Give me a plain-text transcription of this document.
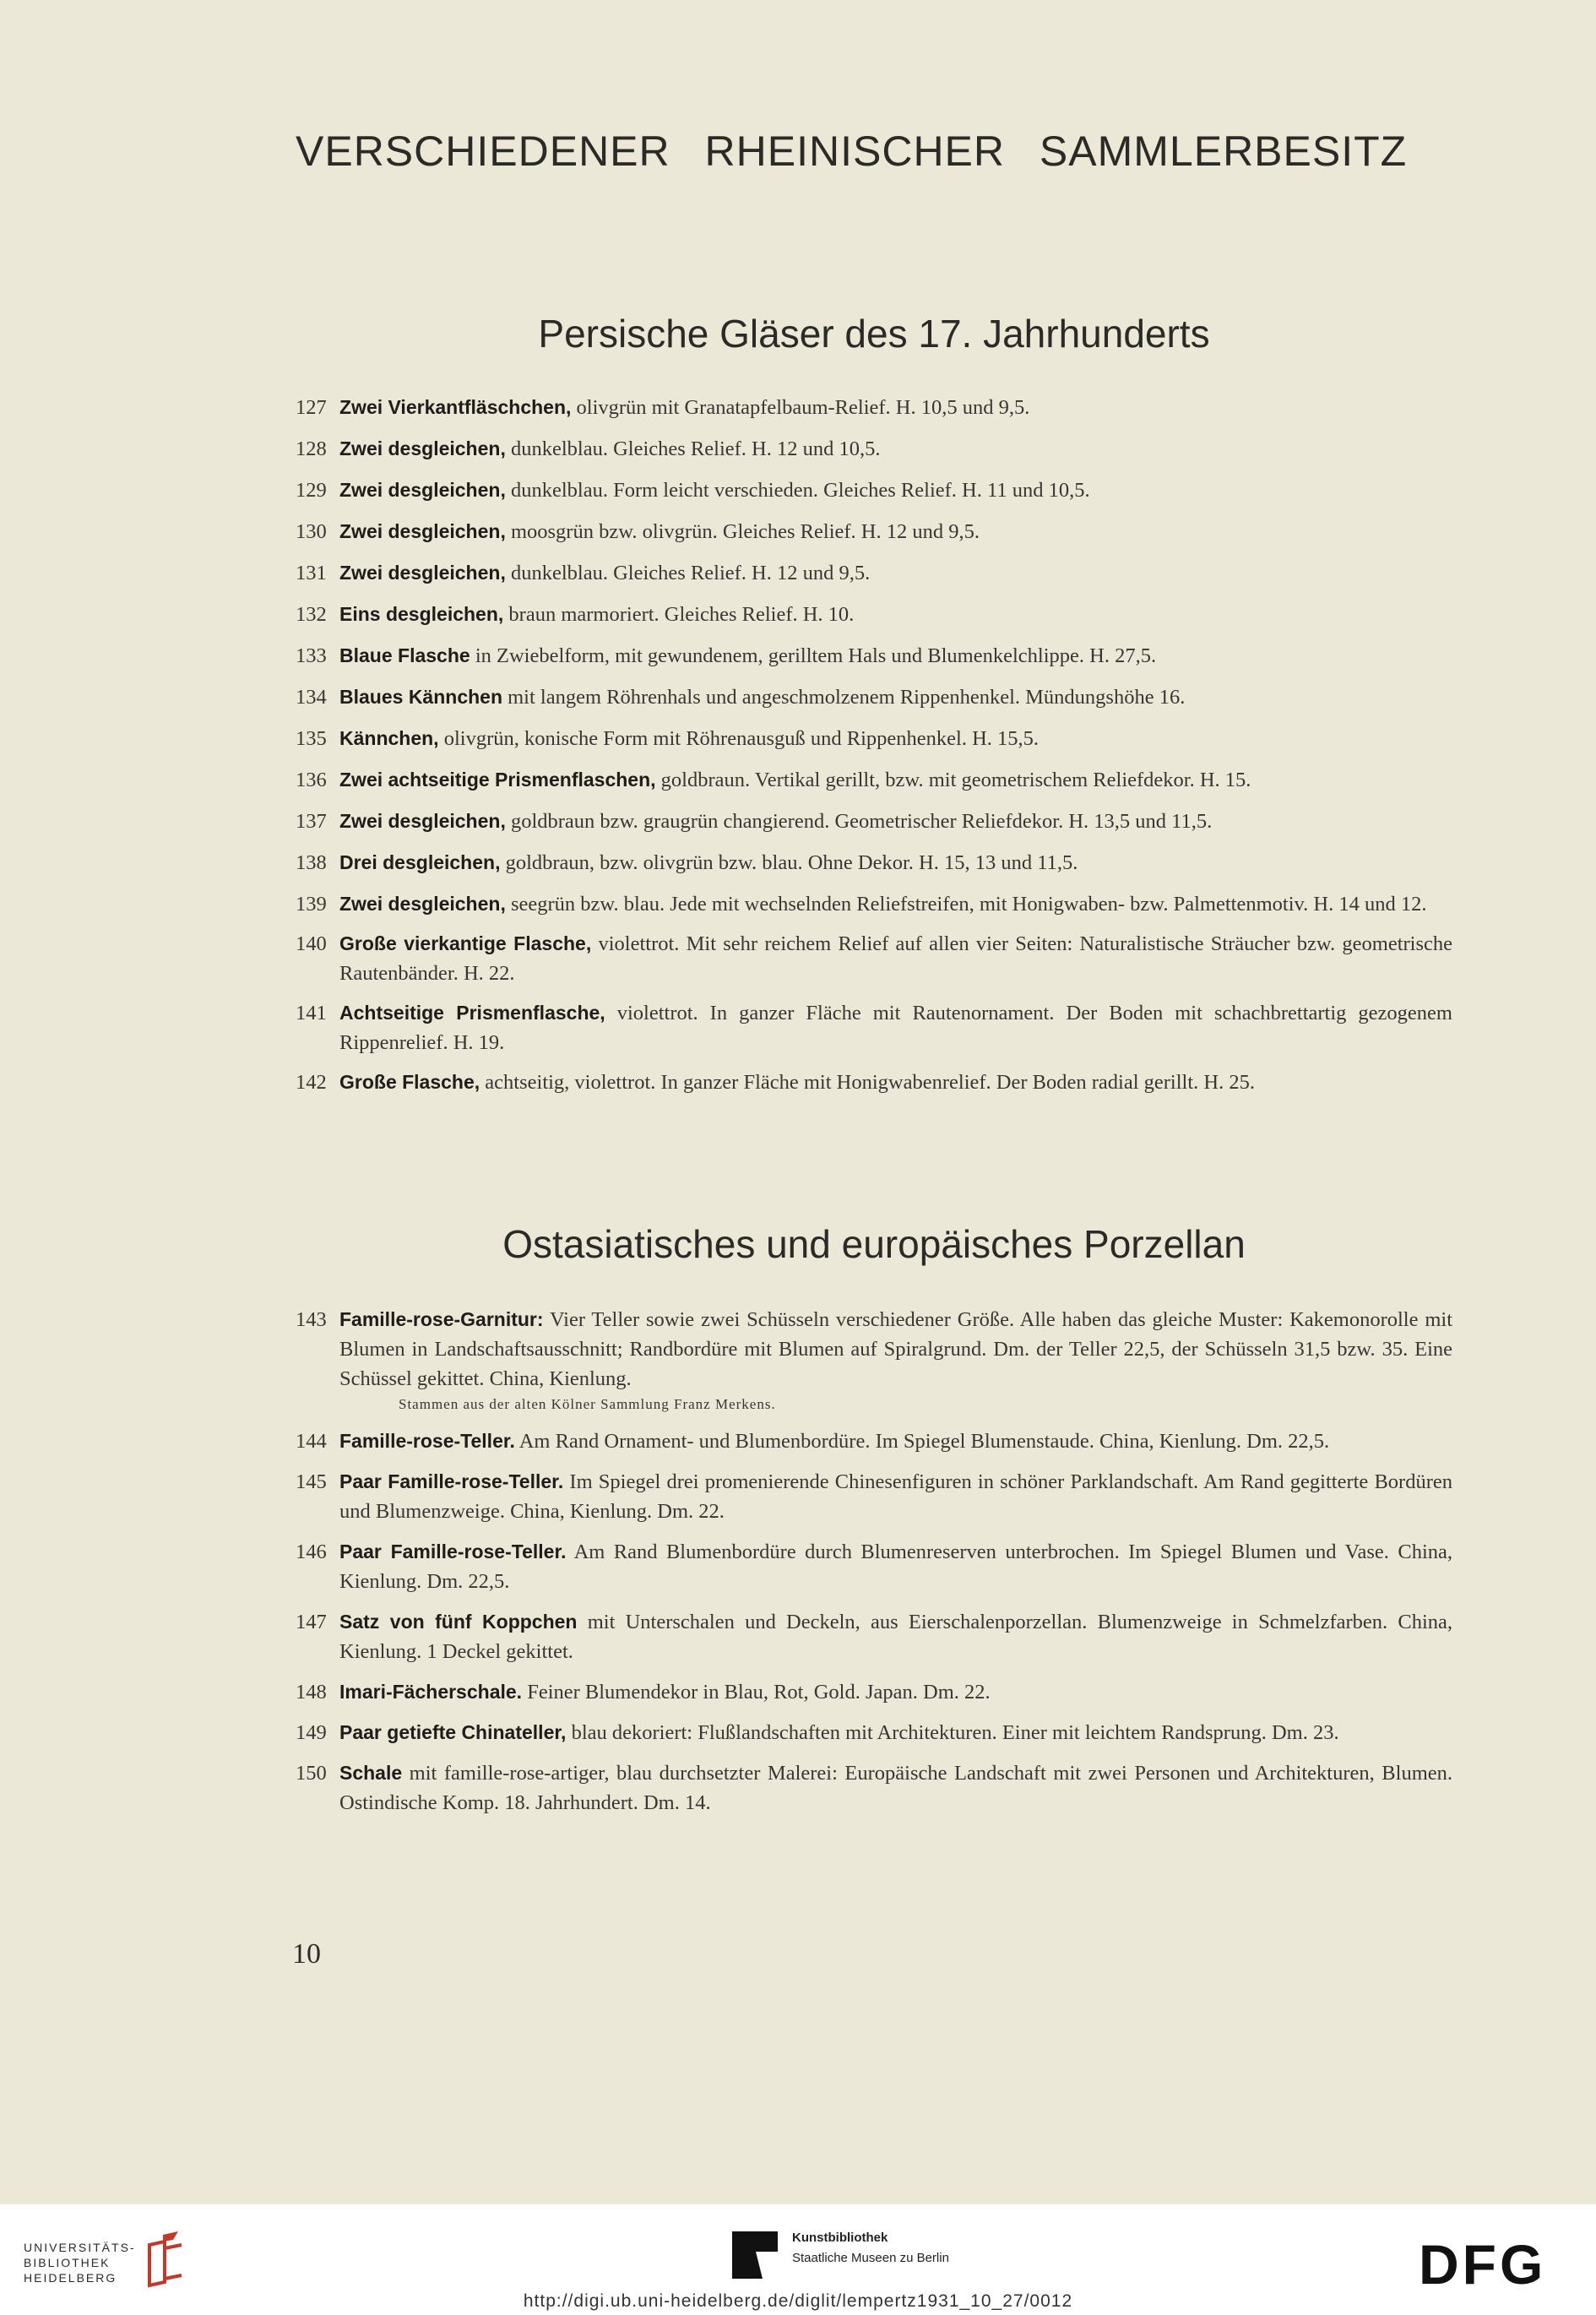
VERSCHIEDENER RHEINISCHER SAMMLERBESITZ
Persische Gläser des 17. Jahrhunderts
127 Zwei Vierkantfläschchen, olivgrün mit Granatapfelbaum-Relief. H. 10,5 und 9,5.
128 Zwei desgleichen, dunkelblau. Gleiches Relief. H. 12 und 10,5.
129 Zwei desgleichen, dunkelblau. Form leicht verschieden. Gleiches Relief. H. 11 und 10,5.
130 Zwei desgleichen, moosgrün bzw. olivgrün. Gleiches Relief. H. 12 und 9,5.
131 Zwei desgleichen, dunkelblau. Gleiches Relief. H. 12 und 9,5.
132 Eins desgleichen, braun marmoriert. Gleiches Relief. H. 10.
133 Blaue Flasche in Zwiebelform, mit gewundenem, gerilltem Hals und Blumenkelchlippe. H. 27,5.
134 Blaues Kännchen mit langem Röhrenhals und angeschmolzenem Rippenhenkel. Mündungshöhe 16.
135 Kännchen, olivgrün, konische Form mit Röhrenausguß und Rippenhenkel. H. 15,5.
136 Zwei achtseitige Prismenflaschen, goldbraun. Vertikal gerillt, bzw. mit geometrischem Reliefdekor. H. 15.
137 Zwei desgleichen, goldbraun bzw. graugrün changierend. Geometrischer Reliefdekor. H. 13,5 und 11,5.
138 Drei desgleichen, goldbraun, bzw. olivgrün bzw. blau. Ohne Dekor. H. 15, 13 und 11,5.
139 Zwei desgleichen, seegrün bzw. blau. Jede mit wechselnden Reliefstreifen, mit Honigwaben- bzw. Palmettenmotiv. H. 14 und 12.
140 Große vierkantige Flasche, violettrot. Mit sehr reichem Relief auf allen vier Seiten: Naturalistische Sträucher bzw. geometrische Rautenbänder. H. 22.
141 Achtseitige Prismenflasche, violettrot. In ganzer Fläche mit Rautenornament. Der Boden mit schachbrettartig gezogenem Rippenrelief. H. 19.
142 Große Flasche, achtseitig, violettrot. In ganzer Fläche mit Honigwabenrelief. Der Boden radial gerillt. H. 25.
Ostasiatisches und europäisches Porzellan
143 Famille-rose-Garnitur: Vier Teller sowie zwei Schüsseln verschiedener Größe. Alle haben das gleiche Muster: Kakemonorolle mit Blumen in Landschaftsausschnitt; Randbordüre mit Blumen auf Spiralgrund. Dm. der Teller 22,5, der Schüsseln 31,5 bzw. 35. Eine Schüssel gekittet. China, Kienlung.
Stammen aus der alten Kölner Sammlung Franz Merkens.
144 Famille-rose-Teller. Am Rand Ornament- und Blumenbordüre. Im Spiegel Blumenstaude. China, Kienlung. Dm. 22,5.
145 Paar Famille-rose-Teller. Im Spiegel drei promenierende Chinesenfiguren in schöner Parklandschaft. Am Rand gegitterte Bordüren und Blumenzweige. China, Kienlung. Dm. 22.
146 Paar Famille-rose-Teller. Am Rand Blumenbordüre durch Blumenreserven unterbrochen. Im Spiegel Blumen und Vase. China, Kienlung. Dm. 22,5.
147 Satz von fünf Koppchen mit Unterschalen und Deckeln, aus Eierschalenporzellan. Blumenzweige in Schmelzfarben. China, Kienlung. 1 Deckel gekittet.
148 Imari-Fächerschale. Feiner Blumendekor in Blau, Rot, Gold. Japan. Dm. 22.
149 Paar getiefte Chinateller, blau dekoriert: Flußlandschaften mit Architekturen. Einer mit leichtem Randsprung. Dm. 23.
150 Schale mit famille-rose-artiger, blau durchsetzter Malerei: Europäische Landschaft mit zwei Personen und Architekturen, Blumen. Ostindische Komp. 18. Jahrhundert. Dm. 14.
10
UNIVERSITÄTS-
BIBLIOTHEK
HEIDELBERG
Kunstbibliothek
Staatliche Museen zu Berlin	DFG
http://digi.ub.uni-heidelberg.de/diglit/lempertz1931_10_27/0012
